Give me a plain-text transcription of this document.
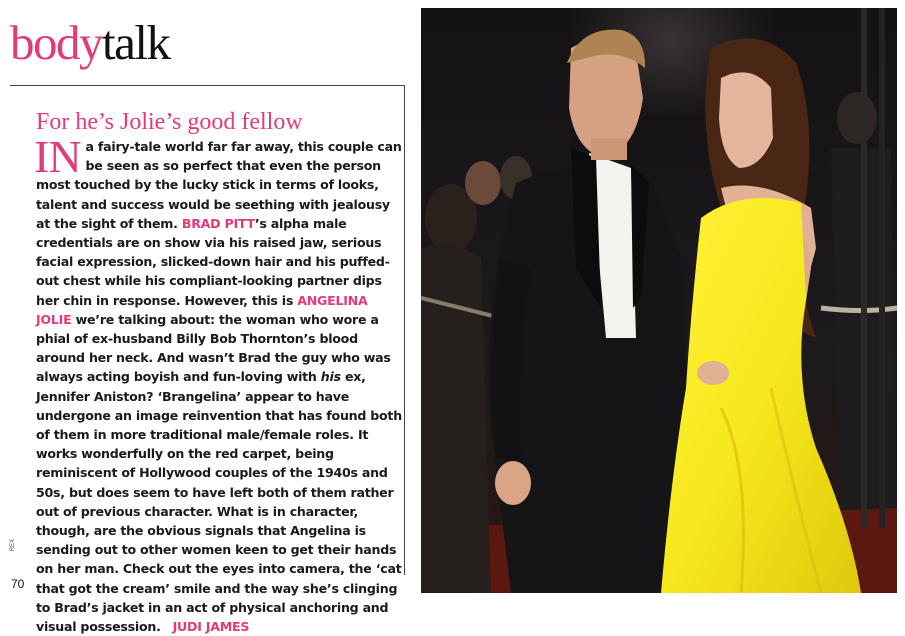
bodytalk
For he’s Jolie’s good fellow
IN a fairy-tale world far far away, this couple can be seen as so perfect that even the person most touched by the lucky stick in terms of looks, talent and success would be seething with jealousy at the sight of them. BRAD PITT’s alpha male credentials are on show via his raised jaw, serious facial expression, slicked-down hair and his puffed-out chest while his compliant-looking partner dips her chin in response. However, this is ANGELINA JOLIE we’re talking about: the woman who wore a phial of ex-husband Billy Bob Thornton’s blood around her neck. And wasn’t Brad the guy who was always acting boyish and fun-loving with his ex, Jennifer Aniston? ‘Brangelina’ appear to have undergone an image reinvention that has found both of them in more traditional male/female roles. It works wonderfully on the red carpet, being reminiscent of Hollywood couples of the 1940s and 50s, but does seem to have left both of them rather out of previous character. What is in character, though, are the obvious signals that Angelina is sending out to other women keen to get their hands on her man. Check out the eyes into camera, the ‘cat that got the cream’ smile and the way she’s clinging to Brad’s jacket in an act of physical anchoring and visual possession. JUDI JAMES
70
REX
